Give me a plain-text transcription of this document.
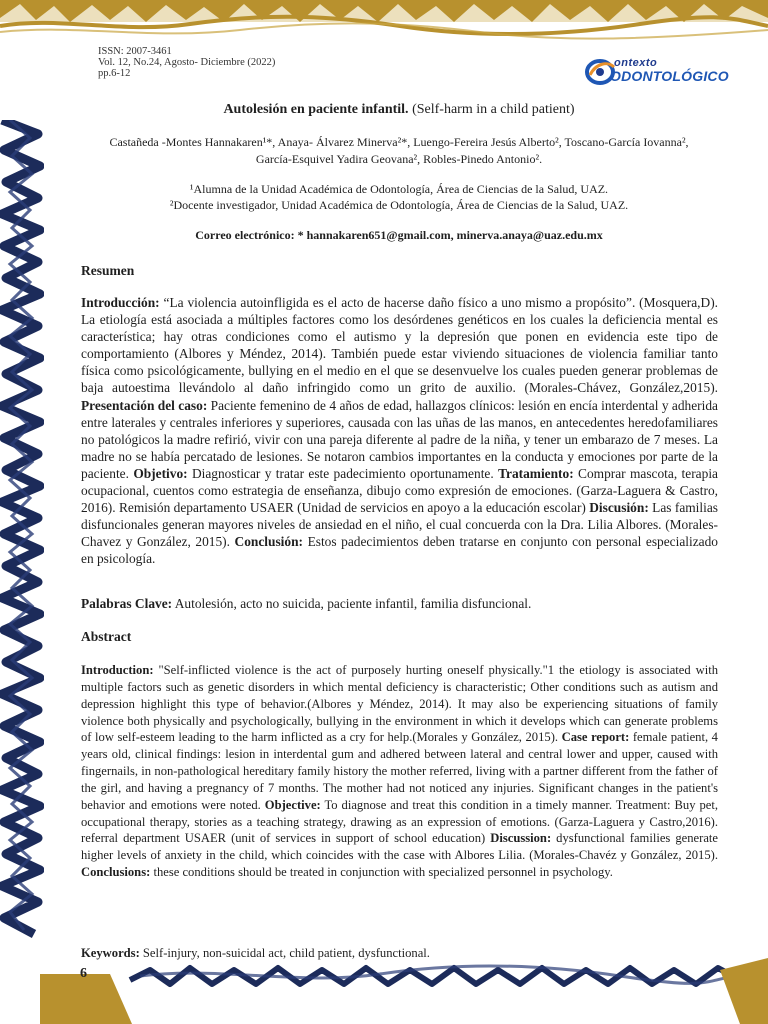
ISSN: 2007-3461
Vol. 12, No.24, Agosto- Diciembre (2022)
pp.6-12
ontexto
ODONTOLÓGICO
Autolesión en paciente infantil. (Self-harm in a child patient)
Castañeda -Montes Hannakaren¹*, Anaya- Álvarez Minerva²*, Luengo-Fereira Jesús Alberto², Toscano-García Iovanna²,
García-Esquivel Yadira Geovana², Robles-Pinedo Antonio².
¹Alumna de la Unidad Académica de Odontología, Área de Ciencias de la Salud, UAZ.
²Docente investigador, Unidad Académica de Odontología, Área de Ciencias de la Salud, UAZ.
Correo electrónico: * hannakaren651@gmail.com, minerva.anaya@uaz.edu.mx
Resumen
Introducción: “La violencia autoinfligida es el acto de hacerse daño físico a uno mismo a propósito”. (Mosquera,D). La etiología está asociada a múltiples factores como los desórdenes genéticos en los cuales la deficiencia mental es característica; hay otras condiciones como el autismo y la depresión que ponen en evidencia este tipo de comportamiento (Albores y Méndez, 2014). También puede estar viviendo situaciones de violencia familiar tanto física como psicológicamente, bullying en el medio en el que se desenvuelve los cuales pueden generar problemas de baja autoestima llevándolo al daño infringido como un grito de auxilio. (Morales-Chávez, González,2015). Presentación del caso: Paciente femenino de 4 años de edad, hallazgos clínicos: lesión en encía interdental y adherida entre laterales y centrales inferiores y superiores, causada con las uñas de las manos, en antecedentes heredofamiliares no patológicos la madre refirió, vivir con una pareja diferente al padre de la niña, y tener un embarazo de 7 meses. La madre no se había percatado de lesiones. Se notaron cambios importantes en la conducta y emociones por parte de la paciente. Objetivo: Diagnosticar y tratar este padecimiento oportunamente. Tratamiento: Comprar mascota, terapia ocupacional, cuentos como estrategia de enseñanza, dibujo como expresión de emociones. (Garza-Laguera & Castro, 2016). Remisión departamento USAER (Unidad de servicios en apoyo a la educación escolar) Discusión: Las familias disfuncionales generan mayores niveles de ansiedad en el niño, el cual concuerda con la Dra. Lilia Albores. (Morales-Chavez y González, 2015). Conclusión: Estos padecimientos deben tratarse en conjunto con personal especializado en psicología.
Palabras Clave: Autolesión, acto no suicida, paciente infantil, familia disfuncional.
Abstract
Introduction: "Self-inflicted violence is the act of purposely hurting oneself physically."1 the etiology is associated with multiple factors such as genetic disorders in which mental deficiency is characteristic; Other conditions such as autism and depression highlight this type of behavior.(Albores y Méndez, 2014). It may also be experiencing situations of family violence both physically and psychologically, bullying in the environment in which it develops which can generate problems of low self-esteem leading to the harm inflicted as a cry for help.(Morales y González, 2015). Case report: female patient, 4 years old, clinical findings: lesion in interdental gum and adhered between lateral and central lower and upper, caused with fingernails, in non-pathological hereditary family history the mother referred, living with a partner different from the father of the girl, and having a pregnancy of 7 months. The mother had not noticed any injuries. Significant changes in the patient's behavior and emotions were noted. Objective: To diagnose and treat this condition in a timely manner. Treatment: Buy pet, occupational therapy, stories as a teaching strategy, drawing as an expression of emotions. (Garza-Laguera y Castro,2016). referral department USAER (unit of services in support of school education) Discussion: dysfunctional families generate higher levels of anxiety in the child, which coincides with the case with Albores Lilia. (Morales-Chavéz y González, 2015). Conclusions: these conditions should be treated in conjunction with specialized personnel in psychology.
Keywords: Self-injury, non-suicidal act, child patient, dysfunctional.
6
